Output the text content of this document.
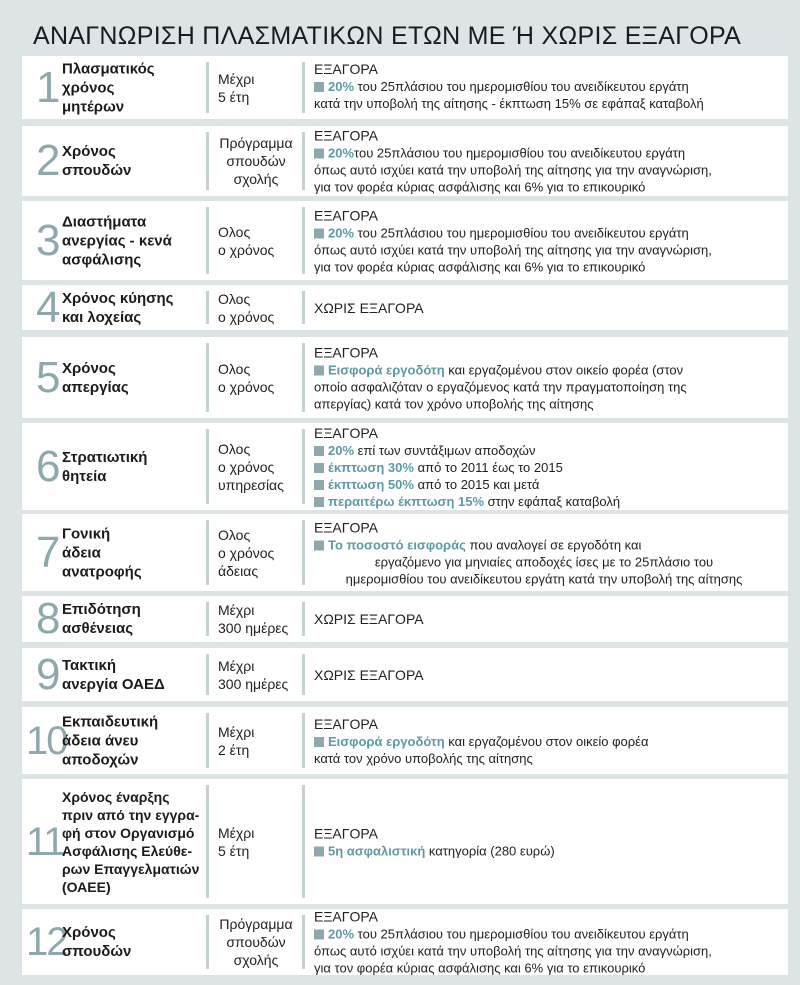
ΑΝΑΓΝΩΡΙΣΗ ΠΛΑΣΜΑΤΙΚΩΝ ΕΤΩΝ ΜΕ Ή ΧΩΡΙΣ ΕΞΑΓΟΡΑ
1 Πλασματικός
χρόνος
μητέρων
Μέχρι
5 έτη
ΕΞΑΓΟΡΑ
20% του 25πλάσιου του ημερομισθίου του ανειδίκευτου εργάτη
κατά την υποβολή της αίτησης - έκπτωση 15% σε εφάπαξ καταβολή
2 Χρόνος
σπουδών
Πρόγραμμα
σπουδών
σχολής
ΕΞΑΓΟΡΑ
20%του 25πλάσιου του ημερομισθίου του ανειδίκευτου εργάτη
όπως αυτό ισχύει κατά την υποβολή της αίτησης για την αναγνώριση,
για τον φορέα κύριας ασφάλισης και 6% για το επικουρικό
3 Διαστήματα
ανεργίας - κενά
ασφάλισης
Ολος
ο χρόνος
ΕΞΑΓΟΡΑ
20% του 25πλάσιου του ημερομισθίου του ανειδίκευτου εργάτη
όπως αυτό ισχύει κατά την υποβολή της αίτησης για την αναγνώριση,
για τον φορέα κύριας ασφάλισης και 6% για το επικουρικό
4 Χρόνος κύησης
και λοχείας
Ολος
ο χρόνος
ΧΩΡΙΣ ΕΞΑΓΟΡΑ
5 Χρόνος
απεργίας
Ολος
ο χρόνος
ΕΞΑΓΟΡΑ
Εισφορά εργοδότη και εργαζομένου στον οικείο φορέα (στον
οποίο ασφαλιζόταν ο εργαζόμενος κατά την πραγματοποίηση της
απεργίας) κατά τον χρόνο υποβολής της αίτησης
6 Στρατιωτική
θητεία
Ολος
ο χρόνος
υπηρεσίας
ΕΞΑΓΟΡΑ
20% επί των συντάξιμων αποδοχών
έκπτωση 30% από το 2011 έως το 2015
έκπτωση 50% από το 2015 και μετά
περαιτέρω έκπτωση 15% στην εφάπαξ καταβολή
7 Γονική
άδεια
ανατροφής
Ολος
ο χρόνος
άδειας
ΕΞΑΓΟΡΑ
Το ποσοστό εισφοράς που αναλογεί σε εργοδότη και
εργαζόμενο για μηνιαίες αποδοχές ίσες με το 25πλάσιο του
ημερομισθίου του ανειδίκευτου εργάτη κατά την υποβολή της αίτησης
8 Επιδότηση
ασθένειας
Μέχρι
300 ημέρες
ΧΩΡΙΣ ΕΞΑΓΟΡΑ
9 Τακτική
ανεργία ΟΑΕΔ
Μέχρι
300 ημέρες
ΧΩΡΙΣ ΕΞΑΓΟΡΑ
10
Εκπαιδευτική
άδεια άνευ
αποδοχών
Μέχρι
2 έτη
ΕΞΑΓΟΡΑ
Εισφορά εργοδότη και εργαζομένου στον οικείο φορέα
κατά τον χρόνο υποβολής της αίτησης
11
Χρόνος έναρξης
πριν από την εγγρα-
φή στον Οργανισμό
Ασφάλισης Ελεύθε-
ρων Επαγγελματιών
(ΟΑΕΕ)
Μέχρι
5 έτη
ΕΞΑΓΟΡΑ
5η ασφαλιστική κατηγορία (280 ευρώ)
12
Χρόνος
σπουδών
Πρόγραμμα
σπουδών
σχολής
ΕΞΑΓΟΡΑ
20% του 25πλάσιου του ημερομισθίου του ανειδίκευτου εργάτη
όπως αυτό ισχύει κατά την υποβολή της αίτησης για την αναγνώριση,
για τον φορέα κύριας ασφάλισης και 6% για το επικουρικό
